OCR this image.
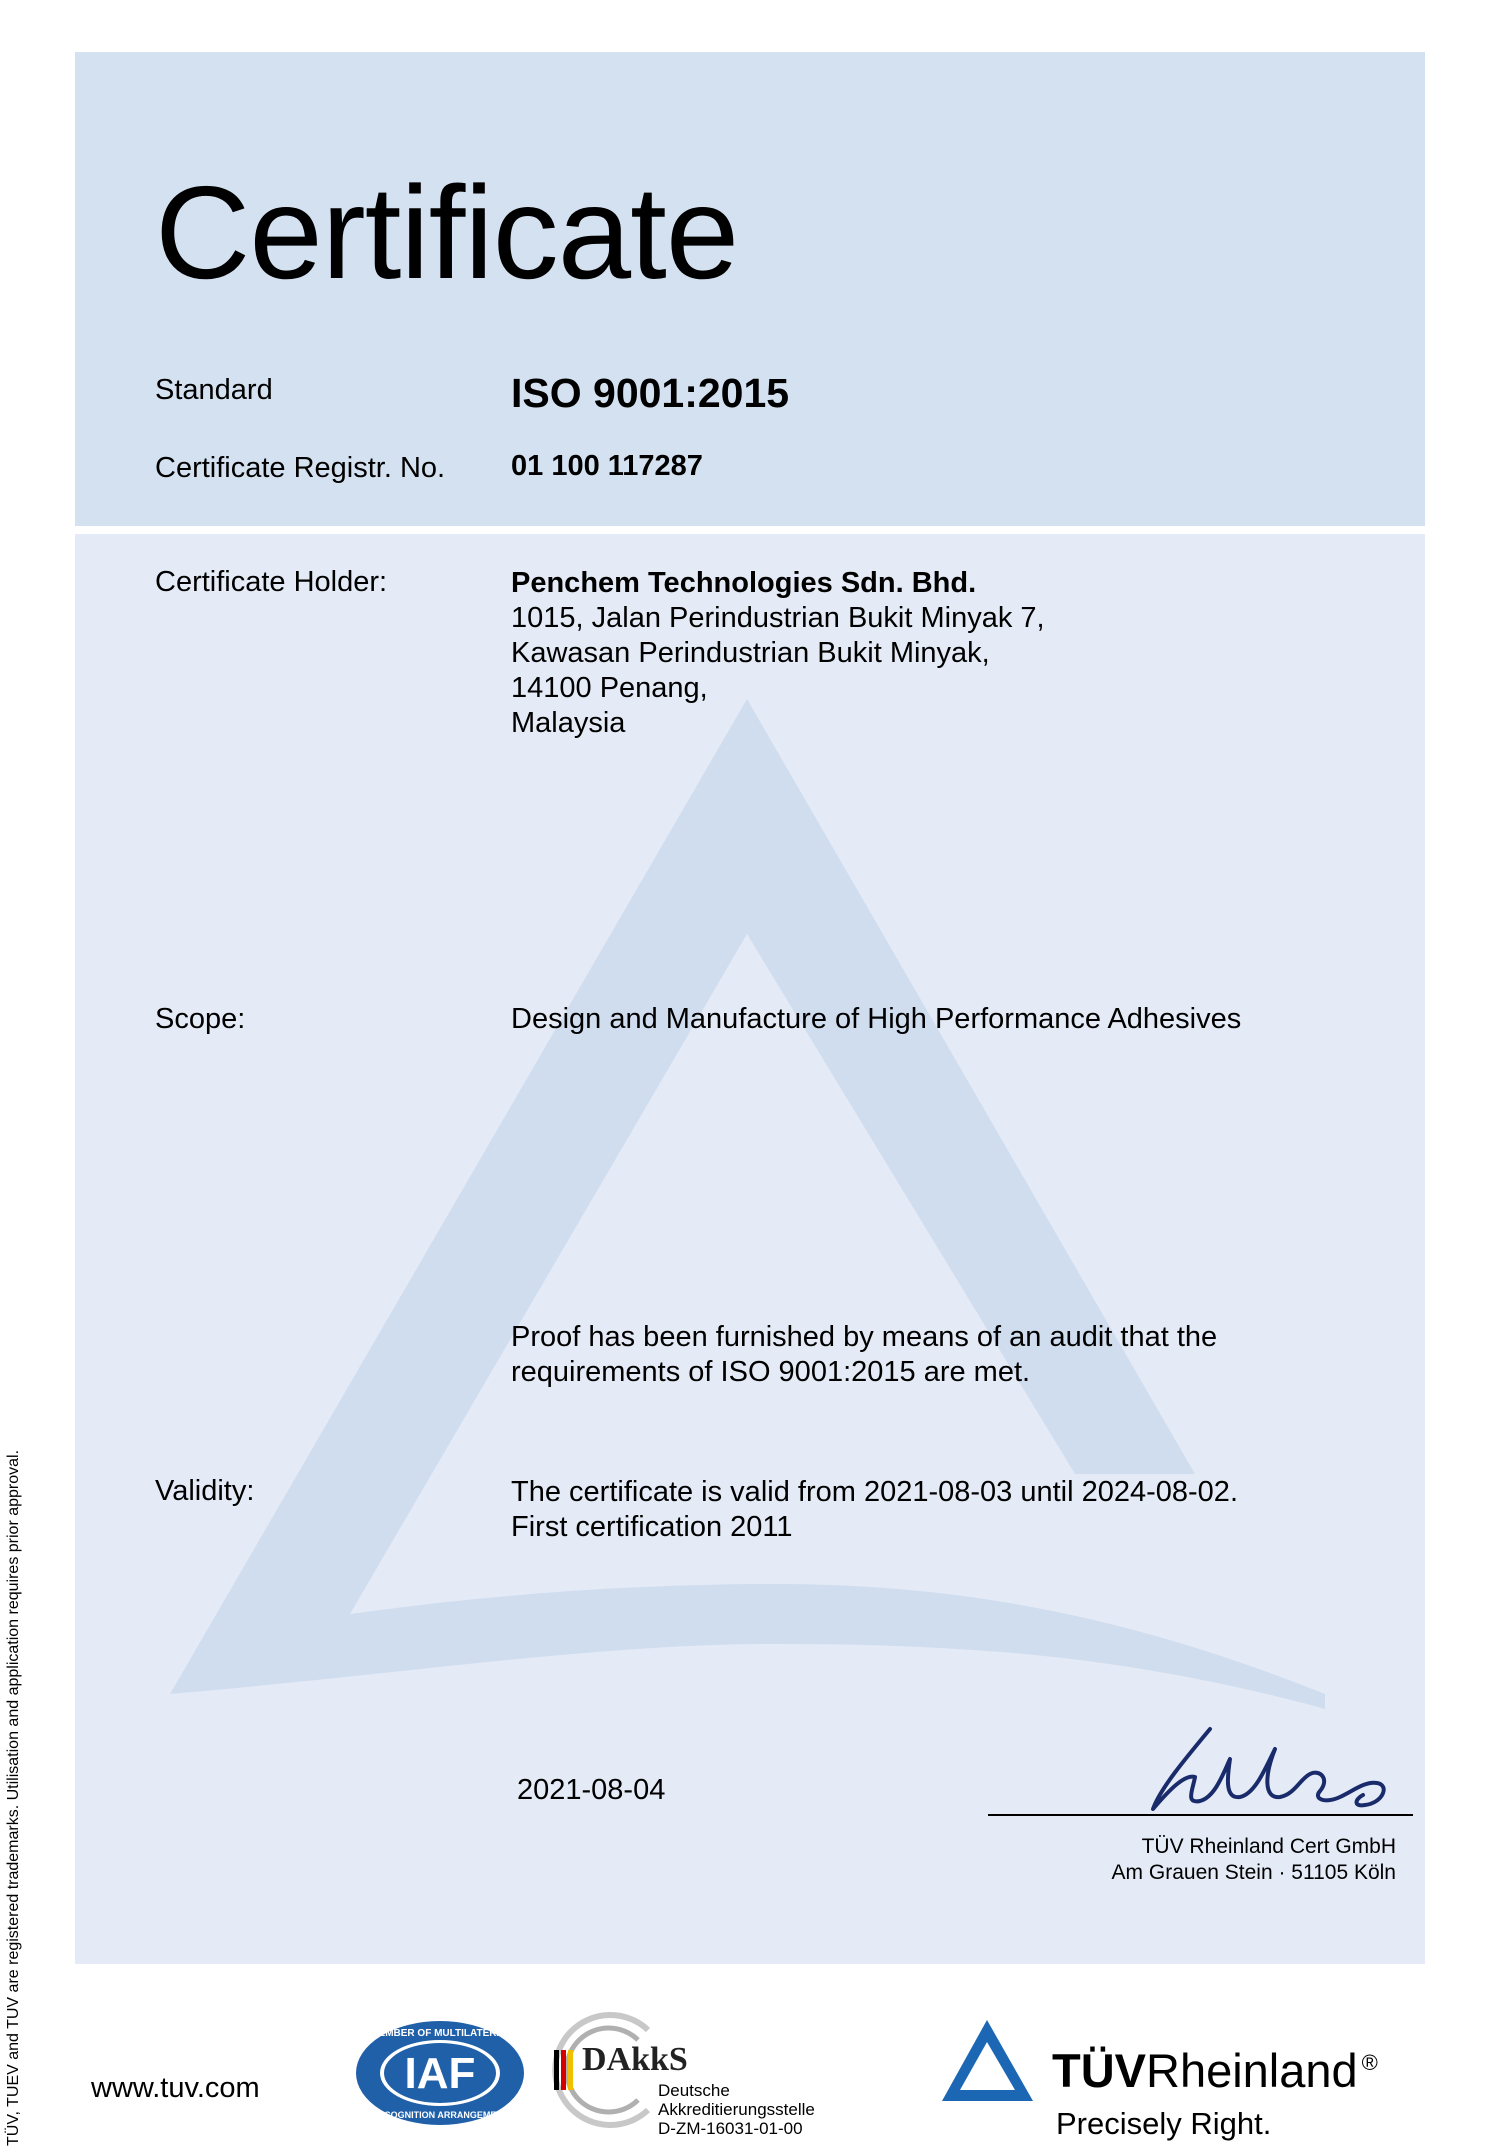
TÜV, TUEV and TUV are registered trademarks. Utilisation and application requires prior approval.
Certificate
Standard	ISO 9001:2015
Certificate Registr. No. 01 100 117287
Certificate Holder:	Penchem Technologies Sdn. Bhd.
1015, Jalan Perindustrian Bukit Minyak 7,
Kawasan Perindustrian Bukit Minyak,
14100 Penang,
Malaysia
Scope:	Design and Manufacture of High Performance Adhesives
Proof has been furnished by means of an audit that the
requirements of ISO 9001:2015 are met.
Validity:	The certificate is valid from 2021-08-03 until 2024-08-02.
First certification 2011
2021-08-04
TÜV Rheinland Cert GmbH
Am Grauen Stein · 51105 Köln
www.tuv.com	IAF
MEMBER OF MULTILATERAL
RECOGNITION ARRANGEMENT
DAkkS
Deutsche
Akkreditierungsstelle
D-ZM-16031-01-00
TÜVRheinland ®
Precisely Right.
